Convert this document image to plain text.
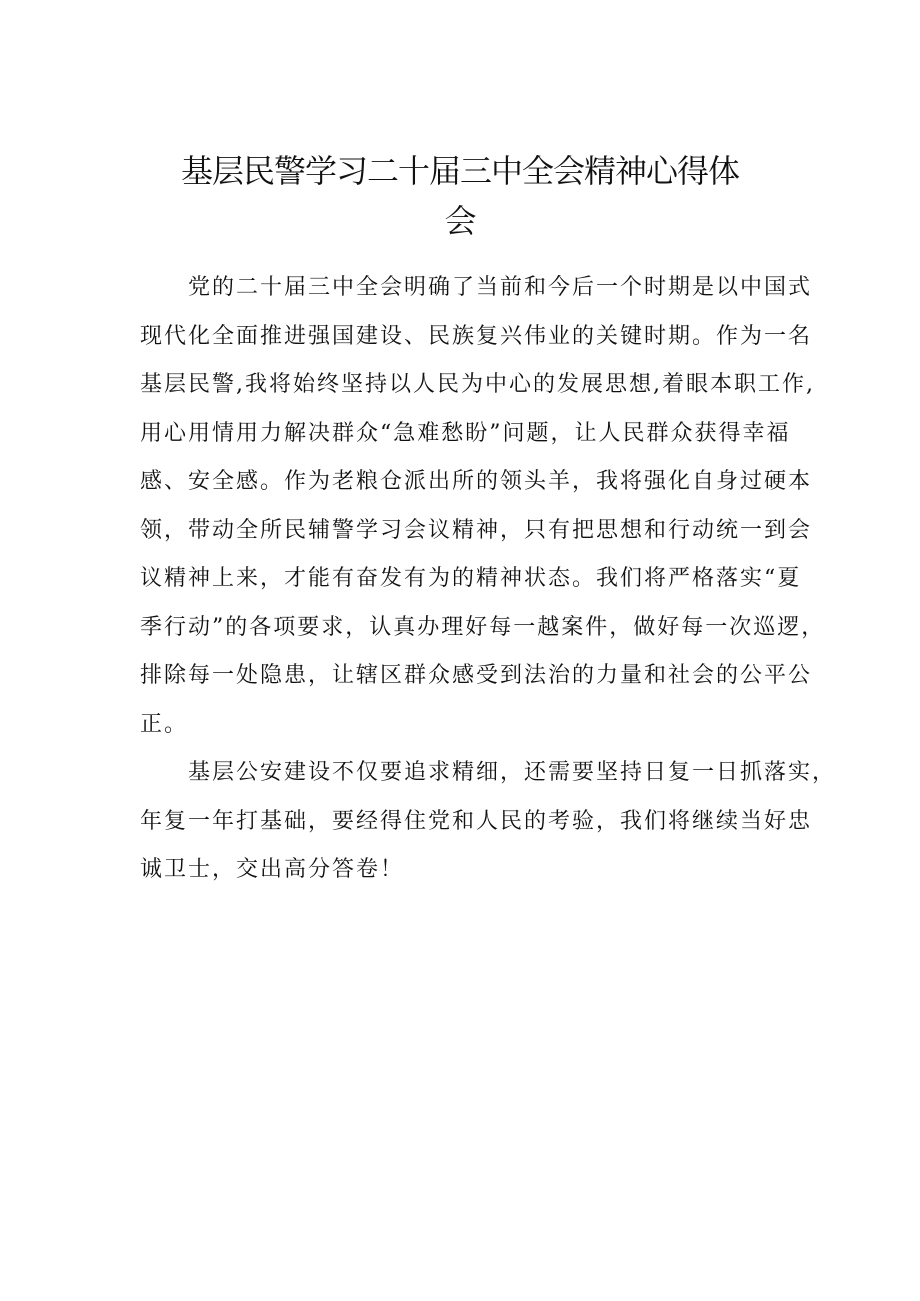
基层民警学习二十届三中全会精神心得体
会

党的二十届三中全会明确了当前和今后一个时期是以中国式
现代化全面推进强国建设、民族复兴伟业的关键时期。作为一名
基层民警,我将始终坚持以人民为中心的发展思想,着眼本职工作,
用心用情用力解决群众“急难愁盼”问题，让人民群众获得幸福
感、安全感。作为老粮仓派出所的领头羊，我将强化自身过硬本
领，带动全所民辅警学习会议精神，只有把思想和行动统一到会
议精神上来，才能有奋发有为的精神状态。我们将严格落实“夏
季行动”的各项要求，认真办理好每一越案件，做好每一次巡逻，
排除每一处隐患，让辖区群众感受到法治的力量和社会的公平公
正。

基层公安建设不仅要追求精细，还需要坚持日复一日抓落实，
年复一年打基础，要经得住党和人民的考验，我们将继续当好忠
诚卫士，交出高分答卷！
